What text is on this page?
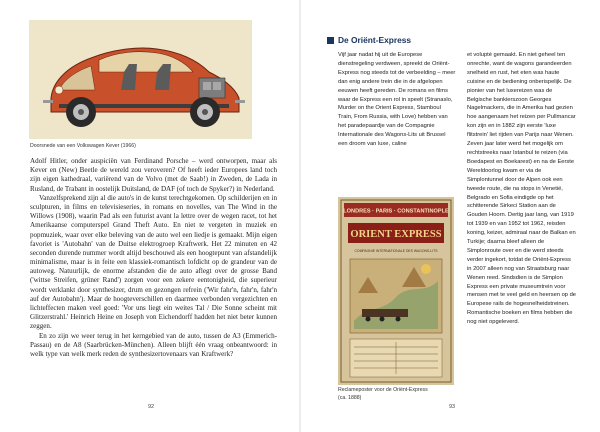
Doorsnede van een Volkswagen Kever (1966)

Adolf Hitler, onder auspiciën van Ferdinand Porsche – werd ontworpen, maar als Kever en (New) Beetle de wereld zou veroveren? Of heeft ieder Europees land toch zijn eigen kathedraal, variërend van de Volvo (met de Saab!) in Zweden, de Lada in Rusland, de Trabant in oostelijk Duitsland, de DAF (of toch de Spyker?) in Nederland.

Vanzelfsprekend zijn al die auto's in de kunst terechtgekomen. Op schilderijen en in sculpturen, in films en televisieseries, in romans en novelles, van The Wind in the Willows (1908), waarin Pad als een futurist avant la lettre over de wegen racet, tot het Amerikaanse computerspel Grand Theft Auto. En niet te vergeten in muziek en popmuziek, waar over elke beleving van de auto wel een liedje is gemaakt. Mijn eigen favoriet is 'Autobahn' van de Duitse elektrogroep Kraftwerk. Het 22 minuten en 42 seconden durende nummer wordt altijd beschouwd als een hoogtepunt van afstandelijk minimalisme, maar is in feite een klassiek-romantisch lofdicht op de grandeur van de autoweg. Natuurlijk, de enorme afstanden die de auto aflegt over de grosse Band ('wittse Streifen, grüner Rand') zorgen voor een zekere eentonigheid, die superieur wordt verklankt door synthesizer, drum en gezongen refrein ('Wir fahr'n, fahr'n, fahr'n auf der Autobahn'). Maar de hoogteverschillen en daarmee verbonden vergezichten en lichteffecten maken veel goed: 'Vor uns liegt ein weites Tal / Die Sonne scheint mit Glitzerstrahl.' Heinrich Heine en Joseph von Eichendorff hadden het niet beter kunnen zeggen.

En zo zijn we weer terug in het kerngebied van de auto, tussen de A3 (Emmerich-Passau) en de A8 (Saarbrücken-München). Alleen blijft één vraag onbeantwoord: in welk type van welk merk reden de synthesizertovenaars van Kraftwerk?

92
De Oriënt-Express

Vijf jaar nadat hij uit de Europese dienstregeling verdween, spreekt de Oriënt-Express nog steeds tot de verbeelding – meer dan enig andere trein die in de afgelopen eeuwen heeft gereden. De romans en films waar de Express een rol in speelt (Stranaslo, Murder on the Orient Express, Stamboul Train, From Russia, with Love) hebben van het paradepaardje van de Compagnie Internationale des Wagons-Lits uit Brussel een droom van luxe, caline

et volupté gemaakt. En niet geheel ten onrechte, want de wagons garandeerden snelheid en rust, het eten was haute cuisine en de bediening onberispelijk. De pionier van het luxereizen was de Belgische bankierszoon Georges Nagelmackers, die in Amerika had gezien hoe aangenaam het reizen per Pullmancar kon zijn en in 1882 zijn eerste 'luxe flitstrein' liet rijden van Parijs naar Wenen. Zeven jaar later werd het mogelijk om rechtstreeks naar Istanbul te reizen (via Boedapest en Boekarest) en na de Eerste Wereldoorlog kwam er via de Simplontunnel door de Alpen ook een tweede route, die na stops in Venetië, Belgrado en Sofia eindigde op het schitterende Sirkeci Station aan de Gouden Hoorn. Dertig jaar lang, van 1919 tot 1939 en van 1952 tot 1962, reisden koning, keizer, admiraal naar de Balkan en Turkije; daarna bleef alleen de Simplonroute over en die werd steeds verder ingekort, totdat de Oriënt-Express in 2007 alleen nog van Straatsburg naar Wenen reed. Sindsdien is de Simplon Express een private museumtrein voor mensen met te veel geld en heersen op de Europese rails de hogesnelheidstreinen. Romantische boeken en films hebben die nog niet opgeleverd.

LONDRES · PARIS · CONSTANTINOPLE
ORIENT EXPRESS
COMPAGNIE INTERNATIONALE DES WAGONS-LITS
Reclameposter voor de Oriënt-Express
(ca. 1888)
93
